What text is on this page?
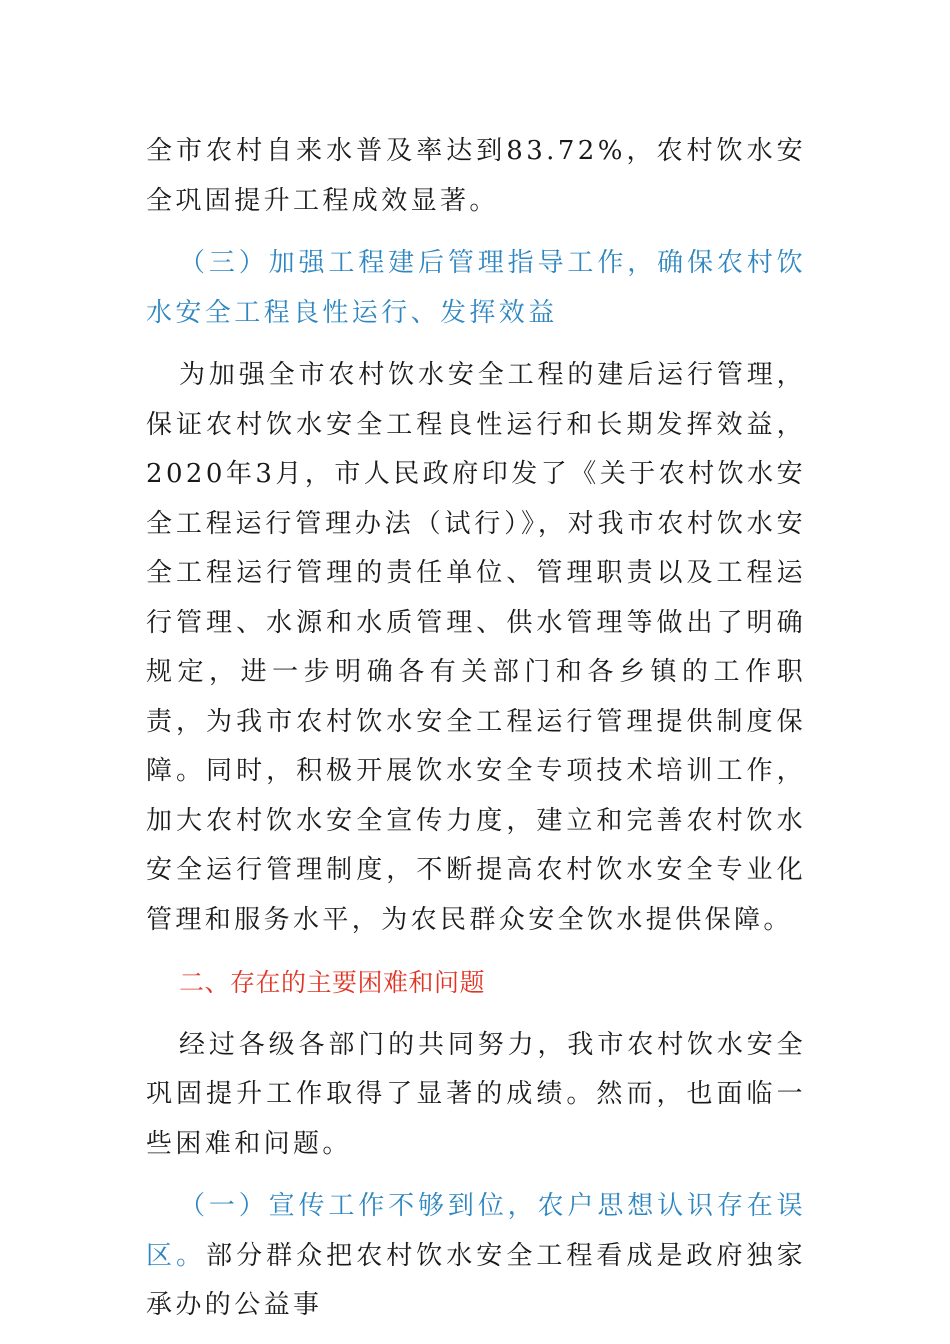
全市农村自来水普及率达到83.72%，农村饮水安全巩固提升工程成效显著。

（三）加强工程建后管理指导工作，确保农村饮水安全工程良性运行、发挥效益

为加强全市农村饮水安全工程的建后运行管理，保证农村饮水安全工程良性运行和长期发挥效益，2020年3月，市人民政府印发了《关于农村饮水安全工程运行管理办法（试行）》，对我市农村饮水安全工程运行管理的责任单位、管理职责以及工程运行管理、水源和水质管理、供水管理等做出了明确规定，进一步明确各有关部门和各乡镇的工作职责，为我市农村饮水安全工程运行管理提供制度保障。同时，积极开展饮水安全专项技术培训工作，加大农村饮水安全宣传力度，建立和完善农村饮水安全运行管理制度，不断提高农村饮水安全专业化管理和服务水平，为农民群众安全饮水提供保障。

二、存在的主要困难和问题

经过各级各部门的共同努力，我市农村饮水安全巩固提升工作取得了显著的成绩。然而，也面临一些困难和问题。

（一）宣传工作不够到位，农户思想认识存在误区。部分群众把农村饮水安全工程看成是政府独家承办的公益事
